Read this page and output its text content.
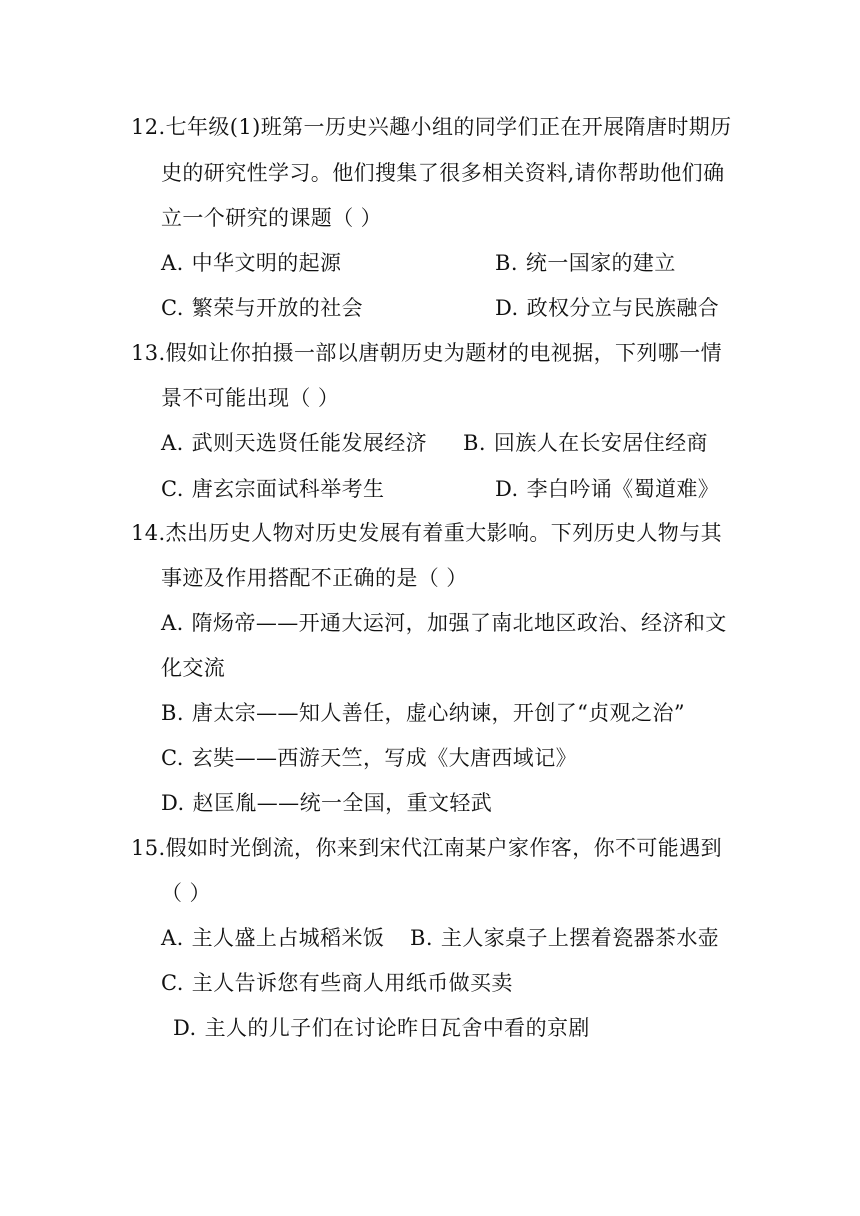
12.七年级(1)班第一历史兴趣小组的同学们正在开展隋唐时期历
史的研究性学习。他们搜集了很多相关资料,请你帮助他们确
立一个研究的课题（ ）
A. 中华文明的起源	B. 统一国家的建立
C. 繁荣与开放的社会	D. 政权分立与民族融合
13.假如让你拍摄一部以唐朝历史为题材的电视据，下列哪一情
景不可能出现（ ）
A. 武则天选贤任能发展经济 B. 回族人在长安居住经商
C. 唐玄宗面试科举考生	D. 李白吟诵《蜀道难》
14.杰出历史人物对历史发展有着重大影响。下列历史人物与其
事迹及作用搭配不正确的是（ ）
A. 隋炀帝——开通大运河，加强了南北地区政治、经济和文
化交流
B. 唐太宗——知人善任，虚心纳谏，开创了“贞观之治”
C. 玄奘——西游天竺，写成《大唐西域记》
D. 赵匡胤——统一全国，重文轻武
15.假如时光倒流，你来到宋代江南某户家作客，你不可能遇到
（ ）
A. 主人盛上占城稻米饭 B. 主人家桌子上摆着瓷器茶水壶
C. 主人告诉您有些商人用纸币做买卖
D. 主人的儿子们在讨论昨日瓦舍中看的京剧
